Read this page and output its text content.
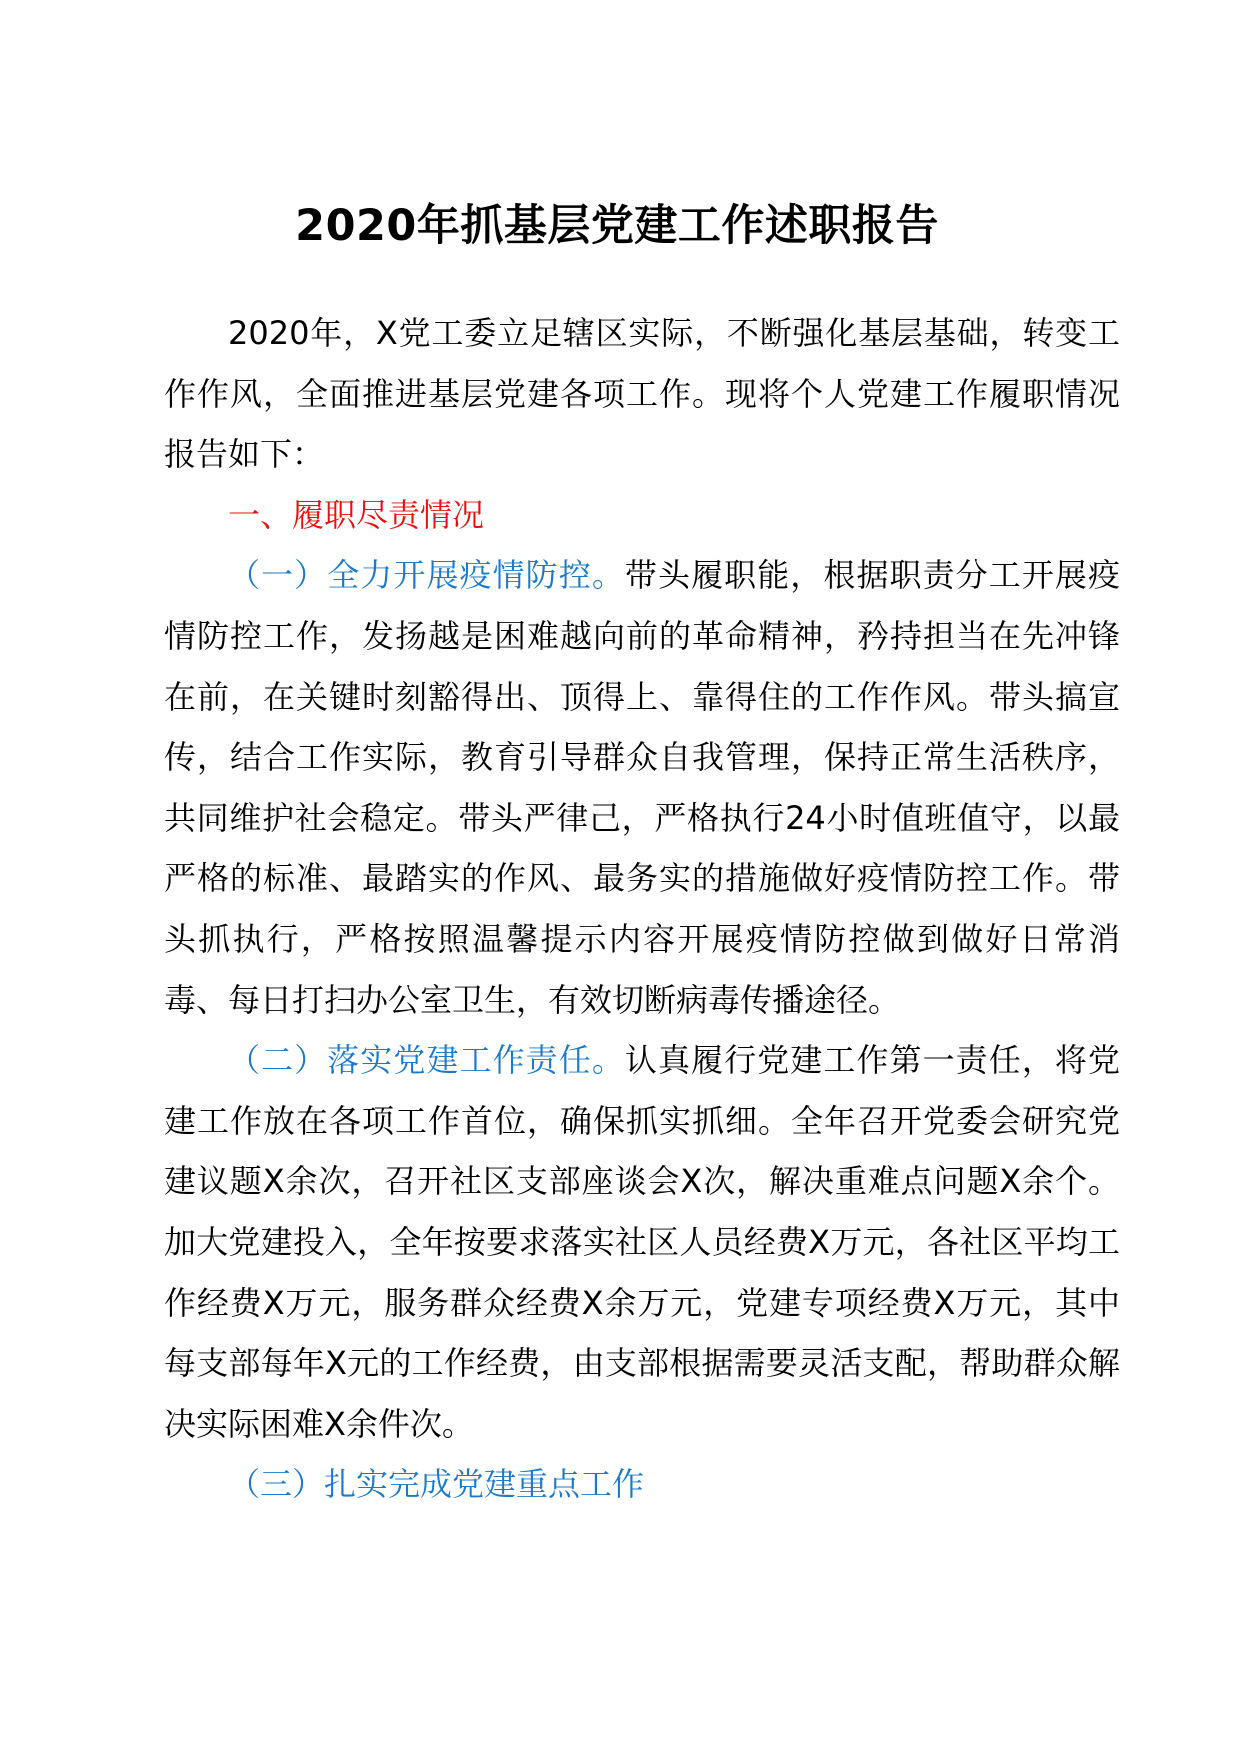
2020年抓基层党建工作述职报告

2020年，X党工委立足辖区实际，不断强化基层基础，转变工作作风，全面推进基层党建各项工作。现将个人党建工作履职情况报告如下：

一、履职尽责情况

（一）全力开展疫情防控。带头履职能，根据职责分工开展疫情防控工作，发扬越是困难越向前的革命精神，矜持担当在先冲锋在前，在关键时刻豁得出、顶得上、靠得住的工作作风。带头搞宣传，结合工作实际，教育引导群众自我管理，保持正常生活秩序，共同维护社会稳定。带头严律己，严格执行24小时值班值守，以最严格的标准、最踏实的作风、最务实的措施做好疫情防控工作。带头抓执行，严格按照温馨提示内容开展疫情防控做到做好日常消毒、每日打扫办公室卫生，有效切断病毒传播途径。

（二）落实党建工作责任。认真履行党建工作第一责任，将党建工作放在各项工作首位，确保抓实抓细。全年召开党委会研究党建议题X余次，召开社区支部座谈会X次，解决重难点问题X余个。加大党建投入，全年按要求落实社区人员经费X万元，各社区平均工作经费X万元，服务群众经费X余万元，党建专项经费X万元，其中每支部每年X元的工作经费，由支部根据需要灵活支配，帮助群众解决实际困难X余件次。

（三）扎实完成党建重点工作
